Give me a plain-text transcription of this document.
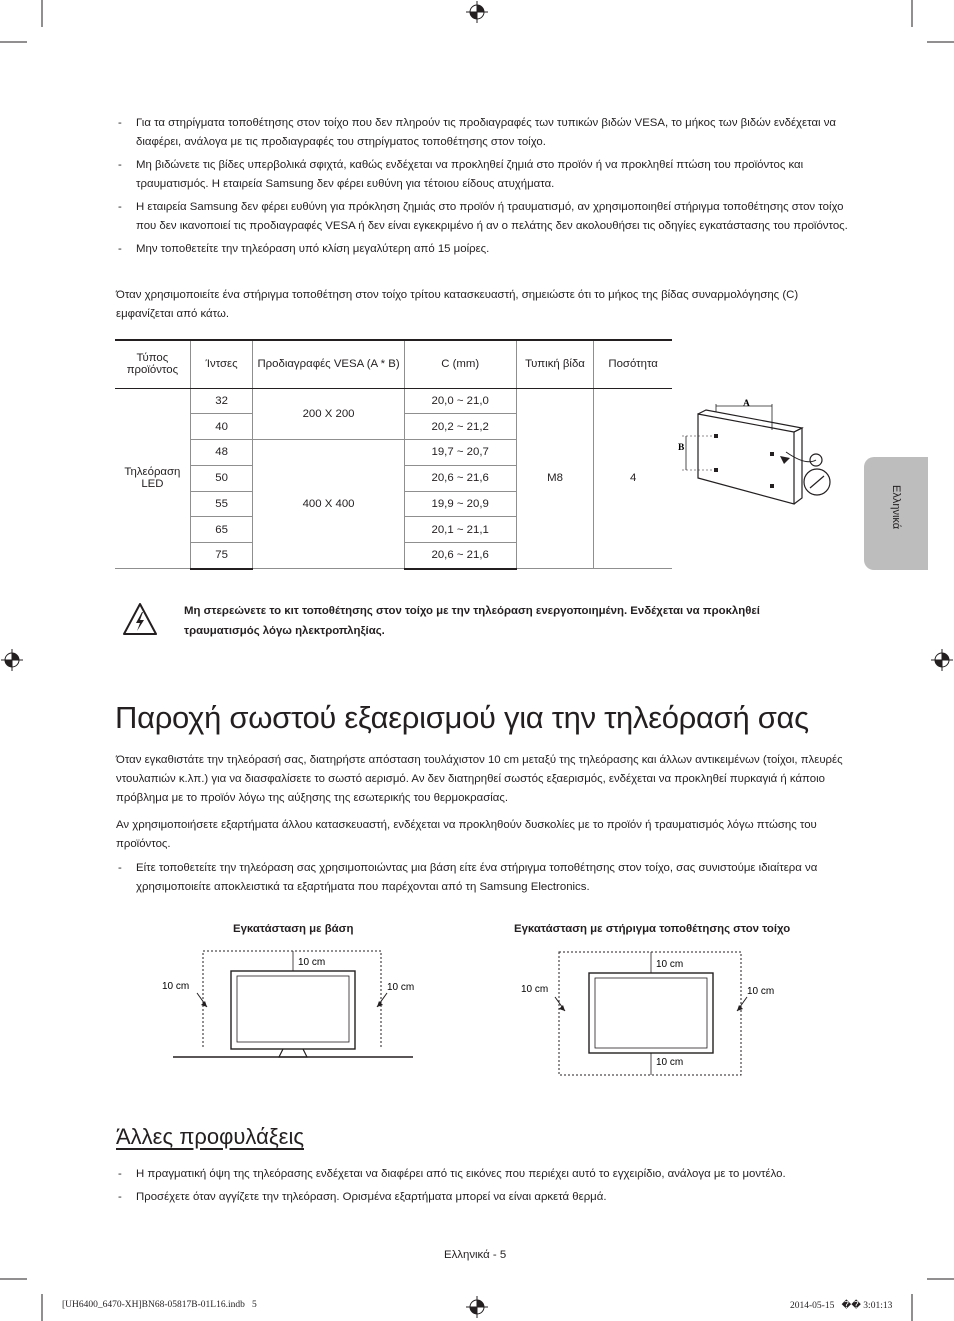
- Για τα στηρίγματα τοποθέτησης στον τοίχο που δεν πληρούν τις προδιαγραφές των τυπικών βιδών VESA, το μήκος των βιδών ενδέχεται να διαφέρει, ανάλογα με τις προδιαγραφές του στηρίγματος τοποθέτησης στον τοίχο.
- Μη βιδώνετε τις βίδες υπερβολικά σφιχτά, καθώς ενδέχεται να προκληθεί ζημιά στο προϊόν ή να προκληθεί πτώση του προϊόντος και τραυματισμός. Η εταιρεία Samsung δεν φέρει ευθύνη για τέτοιου είδους ατυχήματα.
- Η εταιρεία Samsung δεν φέρει ευθύνη για πρόκληση ζημιάς στο προϊόν ή τραυματισμό, αν χρησιμοποιηθεί στήριγμα τοποθέτησης στον τοίχο που δεν ικανοποιεί τις προδιαγραφές VESA ή δεν είναι εγκεκριμένο ή αν ο πελάτης δεν ακολουθήσει τις οδηγίες εγκατάστασης του προϊόντος.
- Μην τοποθετείτε την τηλεόραση υπό κλίση μεγαλύτερη από 15 μοίρες.

Όταν χρησιμοποιείτε ένα στήριγμα τοποθέτηση στον τοίχο τρίτου κατασκευαστή, σημειώστε ότι το μήκος της βίδας συναρμολόγησης (C) εμφανίζεται από κάτω.

Τύπος προϊόντος	Ίντσες	Προδιαγραφές VESA (A * B)	C (mm)	Τυπική βίδα	Ποσότητα
Τηλεόραση LED	32	200 X 200	20,0 ~ 21,0	M8	4
	40		20,2 ~ 21,2		
	48	400 X 400	19,7 ~ 20,7		
	50		20,6 ~ 21,6		
	55		19,9 ~ 20,9		
	65		20,1 ~ 21,1		
	75		20,6 ~ 21,6		
A
B
Ελληνικά

Μη στερεώνετε το κιτ τοποθέτησης στον τοίχο με την τηλεόραση ενεργοποιημένη. Ενδέχεται να προκληθεί τραυματισμός λόγω ηλεκτροπληξίας.

Παροχή σωστού εξαερισμού για την τηλεόρασή σας

Όταν εγκαθιστάτε την τηλεόρασή σας, διατηρήστε απόσταση τουλάχιστον 10 cm μεταξύ της τηλεόρασης και άλλων αντικειμένων (τοίχοι, πλευρές ντουλαπιών κ.λπ.) για να διασφαλίσετε το σωστό αερισμό. Αν δεν διατηρηθεί σωστός εξαερισμός, ενδέχεται να προκληθεί πυρκαγιά ή κάποιο πρόβλημα με το προϊόν λόγω της αύξησης της εσωτερικής του θερμοκρασίας.

Αν χρησιμοποιήσετε εξαρτήματα άλλου κατασκευαστή, ενδέχεται να προκληθούν δυσκολίες με το προϊόν ή τραυματισμός λόγω πτώσης του προϊόντος.

- Είτε τοποθετείτε την τηλεόραση σας χρησιμοποιώντας μια βάση είτε ένα στήριγμα τοποθέτησης στον τοίχο, σας συνιστούμε ιδιαίτερα να χρησιμοποιείτε αποκλειστικά τα εξαρτήματα που παρέχονται από τη Samsung Electronics.
Εγκατάσταση με βάση
10 cm
10 cm	10 cm
Εγκατάσταση με στήριγμα τοποθέτησης στον τοίχο
10 cm
10 cm	10 cm
10 cm
Άλλες προφυλάξεις
- Η πραγματική όψη της τηλεόρασης ενδέχεται να διαφέρει από τις εικόνες που περιέχει αυτό το εγχειρίδιο, ανάλογα με το μοντέλο.
- Προσέχετε όταν αγγίζετε την τηλεόραση. Ορισμένα εξαρτήματα μπορεί να είναι αρκετά θερμά.
Ελληνικά - 5
[UH6400_6470-XH]BN68-05817B-01L16.indb   5	2014-05-15   �� 3:01:13
